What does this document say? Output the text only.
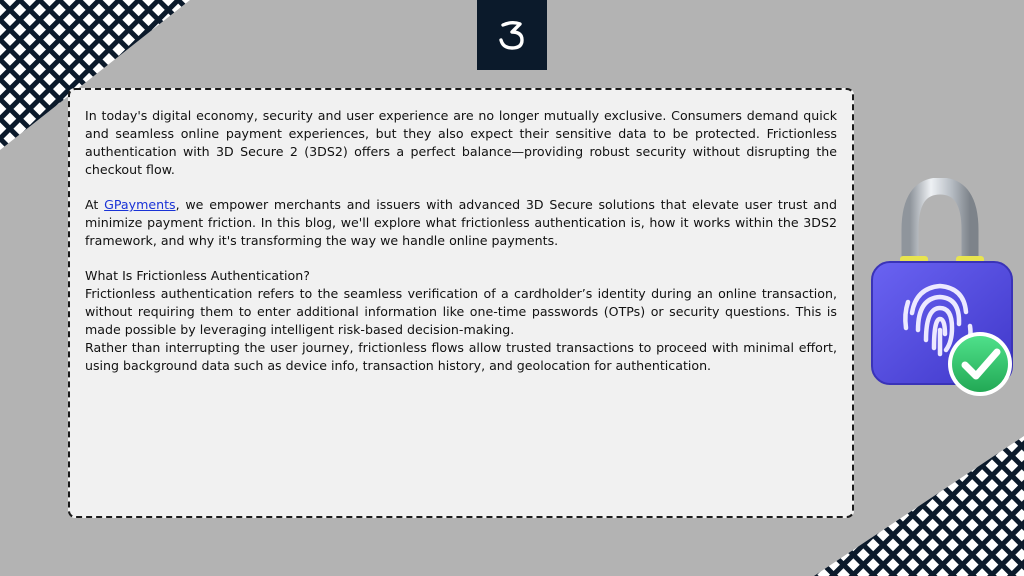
In today's digital economy, security and user experience are no longer mutually exclusive. Consumers demand quick and seamless online payment experiences, but they also expect their sensitive data to be protected. Frictionless authentication with 3D Secure 2 (3DS2) offers a perfect balance—providing robust security without disrupting the checkout flow.

At GPayments, we empower merchants and issuers with advanced 3D Secure solutions that elevate user trust and minimize payment friction. In this blog, we'll explore what frictionless authentication is, how it works within the 3DS2 framework, and why it's transforming the way we handle online payments.

What Is Frictionless Authentication?

Frictionless authentication refers to the seamless verification of a cardholder’s identity during an online transaction, without requiring them to enter additional information like one-time passwords (OTPs) or security questions. This is made possible by leveraging intelligent risk-based decision-making.

Rather than interrupting the user journey, frictionless flows allow trusted transactions to proceed with minimal effort, using background data such as device info, transaction history, and geolocation for authentication.
